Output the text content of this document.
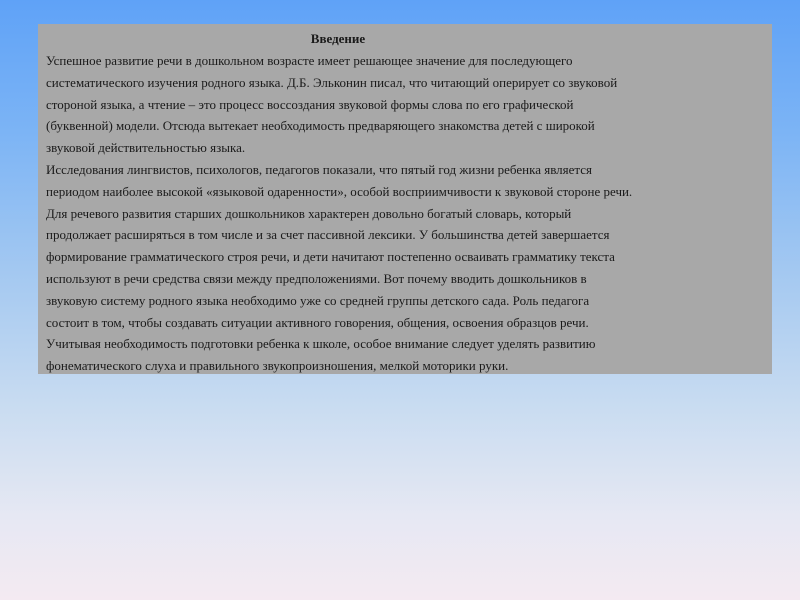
Введение
Успешное развитие речи в дошкольном возрасте имеет решающее значение для последующего
систематического изучения родного языка. Д.Б. Эльконин писал, что читающий оперирует со звуковой
стороной языка, а чтение – это процесс воссоздания звуковой формы слова по его графической
(буквенной) модели. Отсюда вытекает необходимость предваряющего знакомства детей с широкой
звуковой действительностью языка.
Исследования лингвистов, психологов, педагогов показали, что пятый год жизни ребенка является
периодом наиболее высокой «языковой одаренности», особой восприимчивости к звуковой стороне речи.
Для речевого развития старших дошкольников характерен довольно богатый словарь, который
продолжает расширяться в том числе и за счет пассивной лексики. У большинства детей завершается
формирование грамматического строя речи, и дети начитают постепенно осваивать грамматику текста
используют в речи средства связи между предположениями. Вот почему вводить дошкольников в
звуковую систему родного языка необходимо уже со средней группы детского сада. Роль педагога
состоит в том, чтобы создавать ситуации активного говорения, общения, освоения образцов речи.
Учитывая необходимость подготовки ребенка к школе, особое внимание следует уделять развитию
фонематического слуха и правильного звукопроизношения, мелкой моторики руки.
